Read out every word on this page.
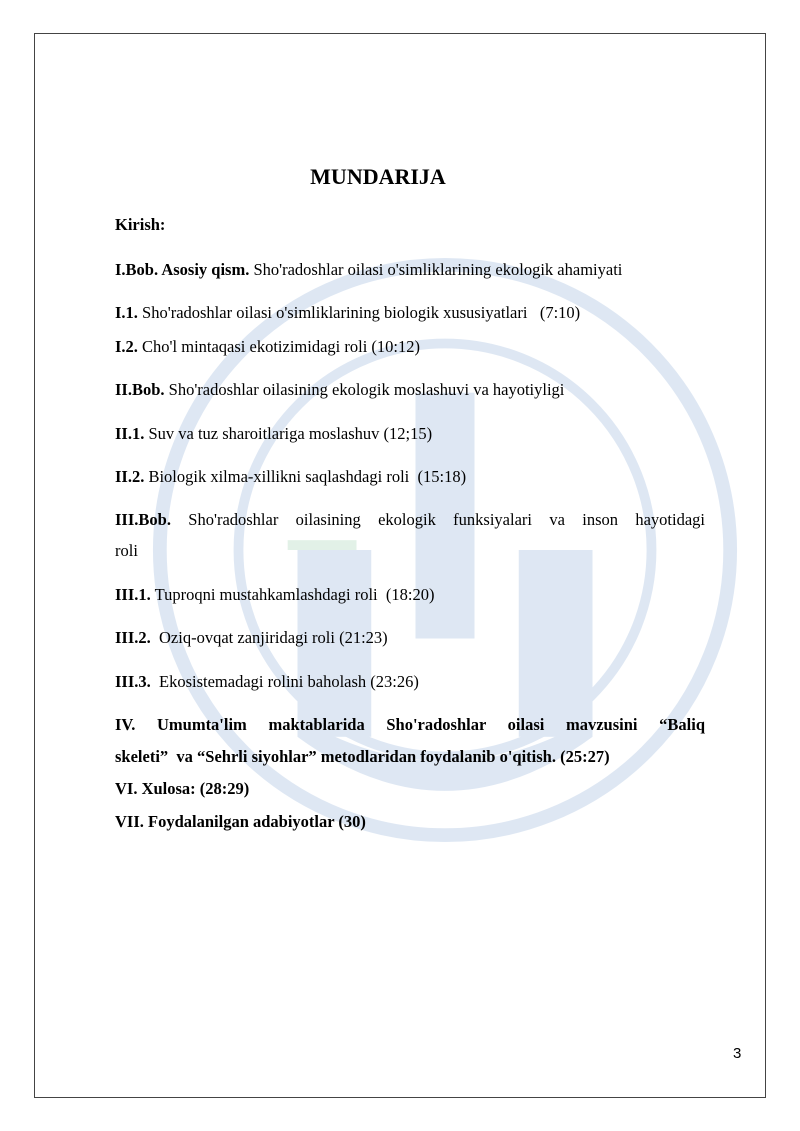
MUNDARIJA
Kirish:
I.Bob. Asosiy qism. Sho'radoshlar oilasi o'simliklarining ekologik ahamiyati
I.1. Sho'radoshlar oilasi o'simliklarining biologik xususiyatlari   (7:10)
I.2. Cho'l mintaqasi ekotizimidagi roli (10:12)
II.Bob. Sho'radoshlar oilasining ekologik moslashuvi va hayotiyligi
II.1. Suv va tuz sharoitlariga moslashuv (12;15)
II.2. Biologik xilma-xillikni saqlashdagi roli  (15:18)
III.Bob. Sho'radoshlar oilasining ekologik funksiyalari va inson hayotidagi
roli
III.1. Tuproqni mustahkamlashdagi roli  (18:20)
III.2.  Oziq-ovqat zanjiridagi roli (21:23)
III.3.  Ekosistemadagi rolini baholash (23:26)
IV. Umumta'lim maktablarida Sho'radoshlar oilasi mavzusini “Baliq
skeleti”  va “Sehrli siyohlar” metodlaridan foydalanib o'qitish. (25:27)
VI. Xulosa: (28:29)
VII. Foydalanilgan adabiyotlar (30)
3
